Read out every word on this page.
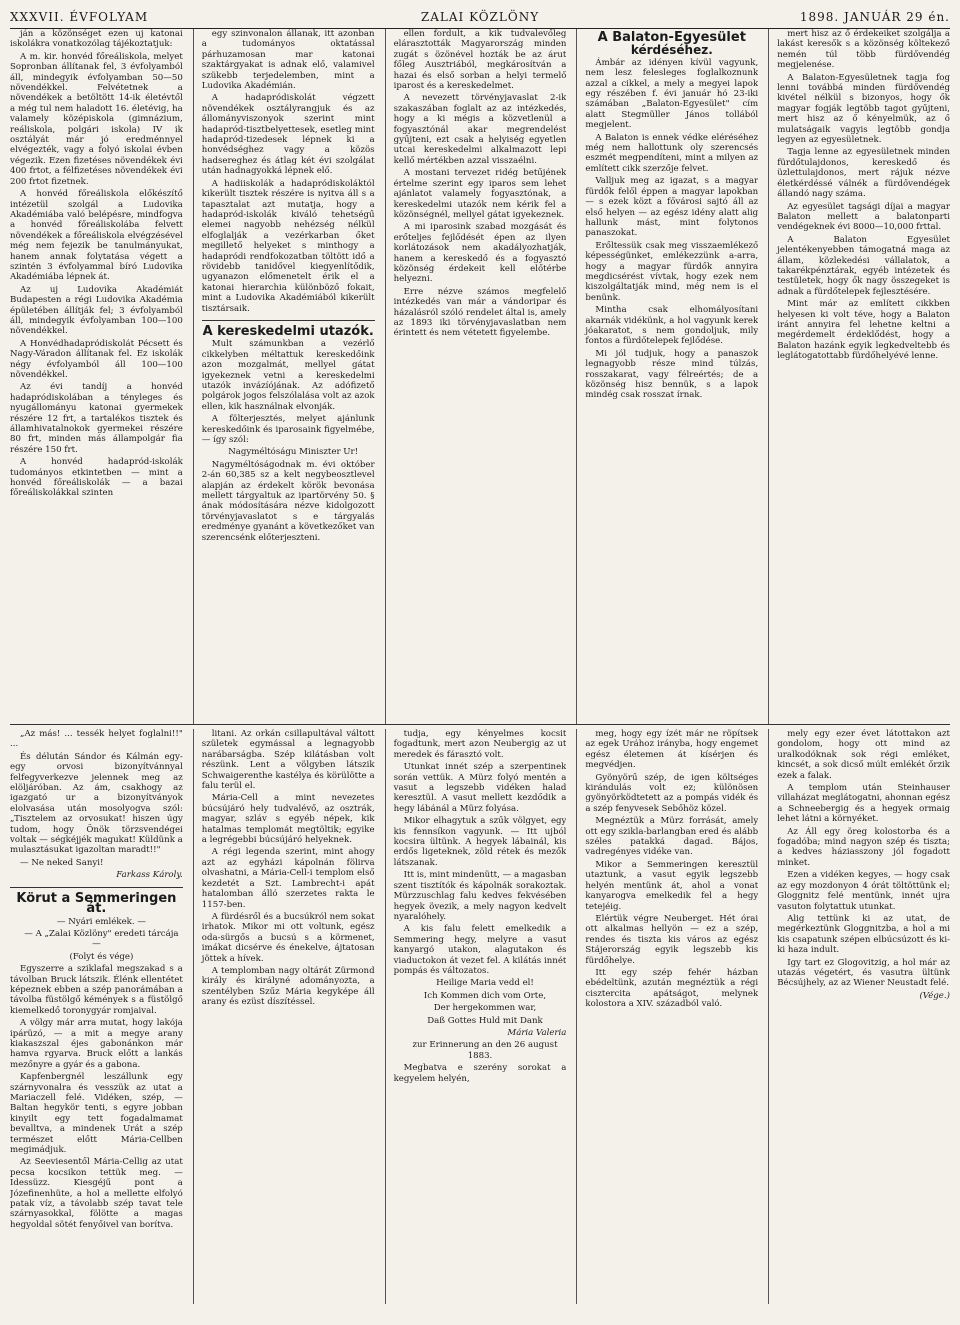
XXXVII. ÉVFOLYAM	ZALAI KÖZLÖNY	1898. JANUÁR 29 én.

ján a közönséget ezen uj katonai iskolákra vonatkozólag tájékoztatjuk:

A m. kir. honvéd főreáliskola, melyet Sopronban állítanak fel, 3 évfolyamból áll, mindegyik évfolyamban 50—50 növendékkel. Felvétetnek a növendékek a betöltött 14-ik életévtől a még tul nem haladott 16. életévig, ha valamely középiskola (gimnázium, reáliskola, polgári iskola) IV ik osztályát már jó eredménnyel elvégezték, vagy a folyó iskolai évben végezik. Ezen fizetéses növendékek évi 400 frtot, a félfizetéses növendékek évi 200 frtot fizetnek.

A honvéd főreáliskola előkészítő intézetül szolgál a Ludovika Akadémiába való belépésre, mindfogva a honvéd főreáliskolába felvett növendékek a főreáliskola elvégzésével még nem fejezik be tanulmányukat, hanem annak folytatása végett a szintén 3 évfolyammal bíró Ludovika Akadémiába lépnek át.

Az uj Ludovika Akadémiát Budapesten a régi Ludovika Akadémia épületében állítják fel; 3 évfolyamból áll, mindegyik évfolyamban 100—100 növendékkel.

A Honvédhadapródiskolát Pécsett és Nagy-Váradon állítanak fel. Ez iskolák négy évfolyamból áll 100—100 növendékkel.

Az évi tandíj a honvéd hadapródiskolában a tényleges és nyugállományu katonai gyermekek részére 12 frt, a tartalékos tisztek és államhivatalnokok gyermekei részére 80 frt, minden más állampolgár fia részére 150 frt.

A honvéd hadapród-iskolák tudományos etkintetben — mint a honvéd főreáliskolák — a bazai főreáliskolákkal szinten

egy szinvonalon állanak, itt azonban a tudományos oktatással párhuzamosan mar katonai szaktárgyakat is adnak elő, valamivel szükebb terjedelemben, mint a Ludovika Akadémián.

A hadapródiskolát végzett növendékek osztályrangjuk és az állományviszonyok szerint mint hadapród-tisztbelyettesek, esetleg mint hadapród-tizedesek lépnek ki a honvédséghez vagy a közös hadsereghez és átlag két évi szolgálat után hadnagyokká lépnek elő.

A hadiiskolák a hadapródiskoláktól kikerült tisztek részére is nyitva áll s a tapasztalat azt mutatja, hogy a hadapród-iskolák kiváló tehetségű elemei nagyobb nehézség nélkül elfoglalják a vezérkarban őket megillető helyeket s minthogy a hadapródi rendfokozatban töltött idő a rövidebb tanidővel kiegyenlítődik, ugyanazon előmenetelt érik el a katonai hierarchia különböző fokait, mint a Ludovika Akadémiából kikerült tisztársaik.

A kereskedelmi utazók.

Mult számunkban a vezérlő cikkelyben méltattuk kereskedőink azon mozgalmát, mellyel gátat igyekeznek vetni a kereskedelmi utazók invázíójának. Az adófizető polgárok jogos felszólalása volt az azok ellen, kik használnak elvonják.

A fölterjesztés, melyet ajánlunk kereskedőink és iparosaink figyelmébe, — így szól:

Nagyméltóságu Miniszter Ur!

Nagyméltóságodnak m. évi október 2-án 60,385 sz a kelt negybeosztlevel alapján az érdekelt körök bevonása mellett tárgyaltuk az ipartörvény 50. § ának módosítására nézve kidolgozott törvényjavaslatot s e tárgyalás eredménye gyanánt a következőket van szerencsénk előterjeszteni.

ellen fordult, a kik tudvalevőleg elárasztották Magyarország minden zugát s özönével hozták be az árut főleg Ausztriából, megkárosítván a hazai és első sorban a helyi termelő iparost és a kereskedelmet.

A nevezett törvényjavaslat 2-ik szakaszában foglalt az az intézkedés, hogy a ki mégis a közvetlenül a fogyasztónál akar megrendelést gyűjteni, ezt csak a helyiség egyetlen utcai kereskedelmi alkalmazott lepi kellő mértékben azzal visszaélni.

A mostani tervezet ridég betűjének értelme szerint egy iparos sem lehet ajánlatot valamely fogyasztónak, a kereskedelmi utazók nem kérik fel a közönségnél, mellyel gátat igyekeznek.

A mi iparosink szabad mozgását és erőteljes fejlődését épen az ilyen korlátozások nem akadályozhatják, hanem a kereskedő és a fogyasztó közönség érdekeit kell előtérbe helyezni.

Erre nézve számos megfelelő intézkedés van már a vándoripar és házalásról szóló rendelet által is, amely az 1893 iki törvényjavaslatban nem érintett és nem vétetett figyelembe.

A Balaton-Egyesület
kérdéséhez.

Ámbár az idényen kívül vagyunk, nem lesz felesleges foglalkoznunk azzal a cikkel, a mely a megyei lapok egy részében f. évi január hó 23-iki számában „Balaton-Egyesület" cím alatt Stegmüller János tollából megjelent.

A Balaton is ennek védke eléréséhez még nem hallottunk oly szerencsés eszmét megpendíteni, mint a milyen az említett cikk szerzője felvet.

Valljuk meg az igazat, s a magyar fürdők felől éppen a magyar lapokban — s ezek közt a fővárosi sajtó áll az első helyen — az egész idény alatt alig hallunk mást, mint folytonos panaszokat.

Erőltessük csak meg visszaemlékező képességünket, emlékezzünk a-arra, hogy a magyar fürdők annyira megdicsérést vívtak, hogy ezek nem kiszolgáltatják mind, még nem is el benünk.

Mintha csak elhomályosítani akarnák vidékünk, a hol vagyunk kerek jóakaratot, s nem gondoljuk, mily fontos a fürdőtelepek fejlődése.

Mi jól tudjuk, hogy a panaszok legnagyobb része mind túlzás, rosszakarat, vagy félreértés; de a közönség hisz bennük, s a lapok mindég csak rosszat írnak.

mert hisz az ő érdekeiket szolgálja a lakást keresők s a közönség költekező nemén túl több fürdővendég megjelenése.

A Balaton-Egyesületnek tagja fog lenni továbbá minden fürdővendég kivétel nélkül s bizonyos, hogy ők magyar fogják legtöbb tagot gyűjteni, mert hisz az ő kényelmük, az ő mulatságaik vagyis legtöbb gondja legyen az egyesületnek.

Tagja lenne az egyesületnek minden fürdőtulajdonos, kereskedő és üzlettulajdonos, mert rájuk nézve életkérdéssé válnék a fürdővendégek állandó nagy száma.

Az egyesület tagsági díjai a magyar Balaton mellett a balatonparti vendégeknek évi 8000—10,000 frttal.

A Balaton Egyesület jelentékenyebben támogatná maga az állam, közlekedési vállalatok, a takarékpénztárak, egyéb intézetek és testületek, hogy ők nagy összegeket is adnak a fürdőtelepek fejlesztésére.

Mint már az említett cikkben helyesen ki volt téve, hogy a Balaton iránt annyira fel lehetne keltni a megérdemelt érdeklődést, hogy a Balaton hazánk egyik legkedveltebb és leglátogatottabb fürdőhelyévé lenne.

„Az más! ... tessék helyet foglalni!!" ...

És délután Sándor és Kálmán egy-egy orvosi bizonyítvánnyal felfegyverkezve jelennek meg az elöljáróban. Az ám, csakhogy az igazgató ur a bizonyítványok elolvasása után mosolyogva szól: „Tisztelem az orvosukat! hiszen úgy tudom, hogy Önök törzsvendégei voltak — ségkéjjék magukat! Küldünk a mulasztásukat igazoltan maradt!!"

— Ne neked Sanyi!

Farkass Károly.

Körut a Semmeringen át.

— Nyári emlékek. —

— A „Zalai Közlöny" eredeti tárcája —

(Folyt és vége)

Egyszerre a sziklafal megszakad s a távolban Bruck látszik. Élénk ellentétet képeznek ebben a szép panorámában a távolba füstölgő kémények s a füstölgő kiemelkedő toronygyár romjaival.

A völgy már arra mutat, hogy lakója ipárüzó, — a mit a megye arany kiakaszszal éjes gabonánkon már hamva rgyarva. Bruck előtt a lankás mezőnyre a gyár és a gabona.

Kapfenbergnél leszállunk egy szárnyvonalra és vesszük az utat a Mariaczell felé. Vidéken, szép, — Baltan hegykör tenti, s egyre jobban kinyilt egy tett fogadalmamat bevalltva, a mindenek Urát a szép természet előtt Mária-Cellben megimádjuk.

Az Seeviesentől Mária-Cellig az utat pecsa kocsikon tettük meg. — Idessüzz. Kiesgéjű pont a Józefinenhüte, a hol a mellette elfolyó patak víz, a távolabb szép tavat tele szárnyasokkal, fölötte a magas hegyoldal sötét fenyőivel van borítva.

litani. Az orkán csillapultával váltott születek egymással a legnagyobb narábarságba. Szép kilátásban volt részünk. Lent a völgyben látszik Schwaigerenthe kastélya és körülötte a falu terül el.

Mária-Cell a mint nevezetes búcsújáró hely tudvalévő, az osztrák, magyar, szláv s egyéb népek, kik hatalmas templomát megtöltik; egyike a legrégebbi búcsújáró helyeknek.

A régi legenda szerint, mint ahogy azt az egyházi kápolnán fölirva olvashatni, a Mária-Cell-i templom első kezdetét a Szt. Lambrecht-i apát hatalomban álló szerzetes rakta le 1157-ben.

A fürdésről és a bucsúkról nem sokat irhatok. Mikor mi ott voltunk, egész oda-sürgős a bucsú s a körmenet, imákat dicsérve és énekelve, ájtatosan jöttek a hívek.

A templomban nagy oltárát Zürmond király és királyné adományozta, a szentélyben Szűz Mária kegyképe áll arany és ezüst díszítéssel.

tudja, egy kényelmes kocsit fogadtunk, mert azon Neubergig az ut meredek és fárasztó volt.

Utunkat innét szép a szerpentinek során vettük. A Mürz folyó mentén a vasut a legszebb vidéken halad keresztül. A vasut mellett kezdődik a hegy lábánál a Mürz folyása.

Mikor elhagytuk a szűk völgyet, egy kis fennsíkon vagyunk. — Itt ujból kocsira ültünk. A hegyek lábainál, kis erdős ligeteknek, zöld rétek és mezők látszanak.

Itt is, mint mindenütt, — a magasban szent tisztítók és kápolnák sorakoztak. Mürzzuschlag falu kedves fekvésében hegyek övezik, a mely nagyon kedvelt nyaralóhely.

A kis falu felett emelkedik a Semmering hegy, melyre a vasut kanyargó utakon, alagutakon és viaductokon át vezet fel. A kilátás innét pompás és változatos.

Heilige Maria vedd el!

Ich Kommen dich vom Orte,

Der hergekommen war,

Daß Gottes Huld mit Dank

Mária Valeria

zur Erinnerung an den 26 august 1883.

Megbatva e szerény sorokat a kegyelem helyén,

meg, hogy egy ízét már ne röpítsek az egek Urához irányba, hogy engemet egész életemen át kísérjen és megvédjen.

Gyönyörű szép, de igen költséges kirándulás volt ez; különösen gyönyörködtetett az a pompás vidék és a szép fenyvesek Sebőhöz közel.

Megnéztük a Mürz forrását, amely ott egy szikla-barlangban ered és alább széles patakká dagad. Bájos, vadregényes vidéke van.

Mikor a Semmeringen keresztül utaztunk, a vasut egyik legszebb helyén mentünk át, ahol a vonat kanyarogva emelkedik fel a hegy tetejéig.

Elértük végre Neuberget. Hét órai ott alkalmas hellyön — ez a szép, rendes és tiszta kis város az egész Stájerország egyik legszebb kis fürdőhelye.

Itt egy szép fehér házban ebédeltünk, azután megnéztük a régi cisztercita apátságot, melynek kolostora a XIV. századból való.

mely egy ezer évet látottakon azt gondolom, hogy ott mind az uralkodóknak sok régi emléket, kincsét, a sok dicső múlt emlékét őrzik ezek a falak.

A templom után Steinhauser villaházat meglátogatni, ahonnan egész a Schneebergig és a hegyek ormaig lehet látni a környéket.

Az Áll egy öreg kolostorba és a fogadóba; mind nagyon szép és tiszta; a kedves háziasszony jól fogadott minket.

Ezen a vidéken kegyes, — hogy csak az egy mozdonyon 4 órát töltöttünk el; Gloggnitz felé mentünk, innét ujra vasuton folytattuk utunkat.

Alig tettünk ki az utat, de megérkeztünk Gloggnitzba, a hol a mi kis csapatunk szépen elbúcsúzott és ki-ki haza indult.

Igy tart ez Glogovitzig, a hol már az utazás végetért, és vasutra ültünk Bécsújhely, az az Wiener Neustadt felé.

(Vége.)
